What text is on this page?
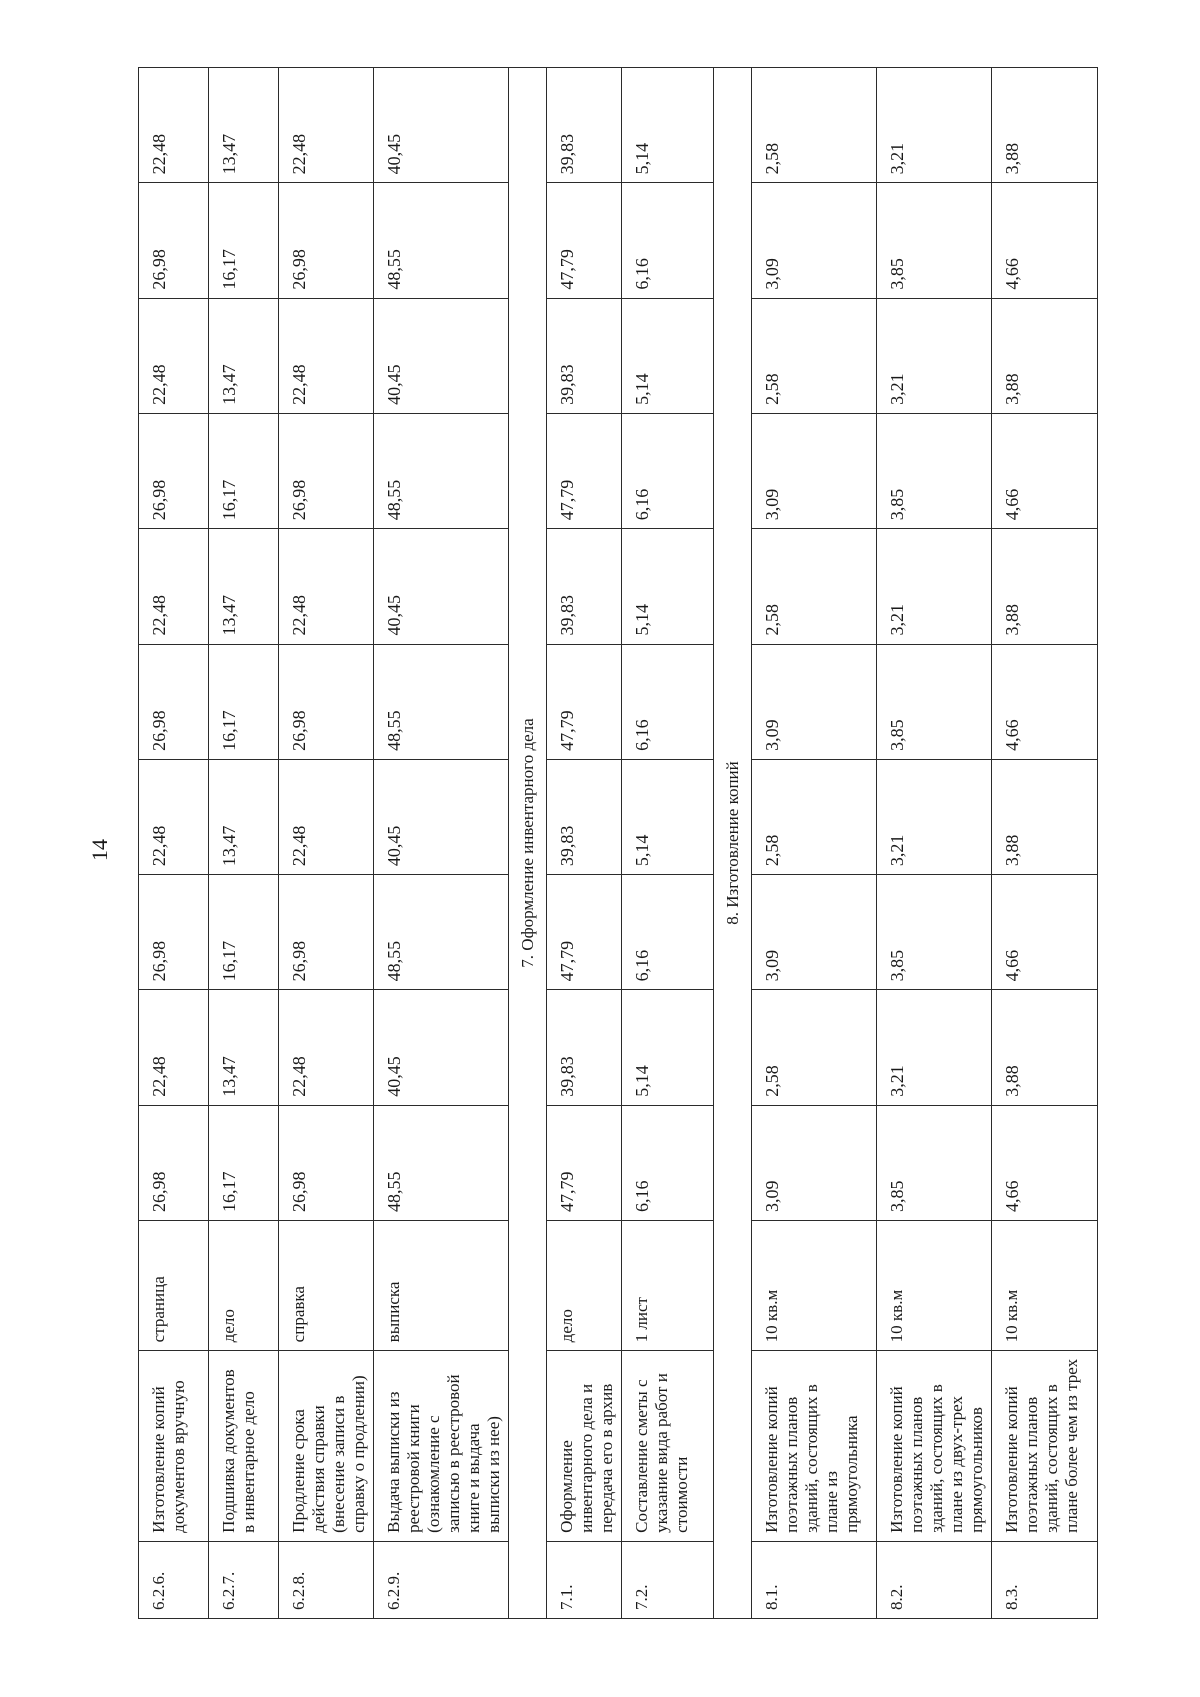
14
6.2.6.	Изготовление копий документов вручную	страница	26,98	22,48	26,98	22,48	26,98	22,48	26,98	22,48	26,98	22,48
6.2.7.	Подшивка документов в инвентарное дело	дело	16,17	13,47	16,17	13,47	16,17	13,47	16,17	13,47	16,17	13,47
6.2.8.	Продление срока действия справки (внесение записи в справку о продлении)	справка	26,98	22,48	26,98	22,48	26,98	22,48	26,98	22,48	26,98	22,48
6.2.9.	Выдача выписки из реестровой книги (ознакомление с записью в реестровой книге и выдача выписки из нее)	выписка	48,55	40,45	48,55	40,45	48,55	40,45	48,55	40,45	48,55	40,45
7. Оформление инвентарного дела												
7.1.	Оформление инвентарного дела и передача его в архив	дело	47,79	39,83	47,79	39,83	47,79	39,83	47,79	39,83	47,79	39,83
7.2.	Составление сметы с указание вида работ и стоимости	1 лист	6,16	5,14	6,16	5,14	6,16	5,14	6,16	5,14	6,16	5,14
8. Изготовление копий												
8.1.	Изготовление копий поэтажных планов зданий, состоящих в плане из прямоугольника	10 кв.м	3,09	2,58	3,09	2,58	3,09	2,58	3,09	2,58	3,09	2,58
8.2.	Изготовление копий поэтажных планов зданий, состоящих в плане из двух-трех прямоугольников	10 кв.м	3,85	3,21	3,85	3,21	3,85	3,21	3,85	3,21	3,85	3,21
8.3.	Изготовление копий поэтажных планов зданий, состоящих в плане более чем из трех	10 кв.м	4,66	3,88	4,66	3,88	4,66	3,88	4,66	3,88	4,66	3,88
